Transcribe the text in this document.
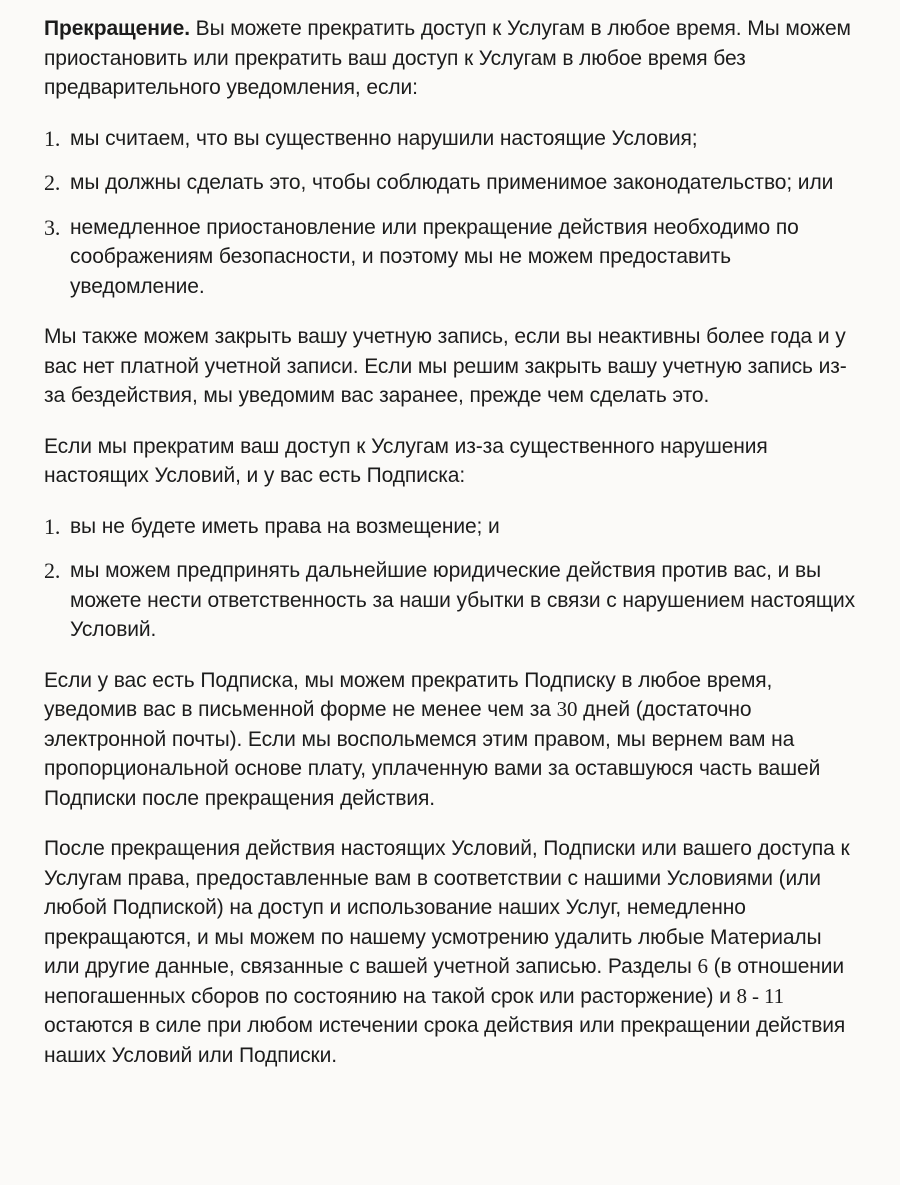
Прекращение. Вы можете прекратить доступ к Услугам в любое время. Мы можем приостановить или прекратить ваш доступ к Услугам в любое время без предварительного уведомления, если:

1. мы считаем, что вы существенно нарушили настоящие Условия;
2. мы должны сделать это, чтобы соблюдать применимое законодательство; или
3. немедленное приостановление или прекращение действия необходимо по соображениям безопасности, и поэтому мы не можем предоставить уведомление.

Мы также можем закрыть вашу учетную запись, если вы неактивны более года и у вас нет платной учетной записи. Если мы решим закрыть вашу учетную запись из-за бездействия, мы уведомим вас заранее, прежде чем сделать это.

Если мы прекратим ваш доступ к Услугам из-за существенного нарушения настоящих Условий, и у вас есть Подписка:

1. вы не будете иметь права на возмещение; и
2. мы можем предпринять дальнейшие юридические действия против вас, и вы можете нести ответственность за наши убытки в связи с нарушением настоящих Условий.

Если у вас есть Подписка, мы можем прекратить Подписку в любое время, уведомив вас в письменной форме не менее чем за 30 дней (достаточно электронной почты). Если мы воспольмемся этим правом, мы вернем вам на пропорциональной основе плату, уплаченную вами за оставшуюся часть вашей Подписки после прекращения действия.

После прекращения действия настоящих Условий, Подписки или вашего доступа к Услугам права, предоставленные вам в соответствии с нашими Условиями (или любой Подпиской) на доступ и использование наших Услуг, немедленно прекращаются, и мы можем по нашему усмотрению удалить любые Материалы или другие данные, связанные с вашей учетной записью. Разделы 6 (в отношении непогашенных сборов по состоянию на такой срок или расторжение) и 8 - 11 остаются в силе при любом истечении срока действия или прекращении действия наших Условий или Подписки.
